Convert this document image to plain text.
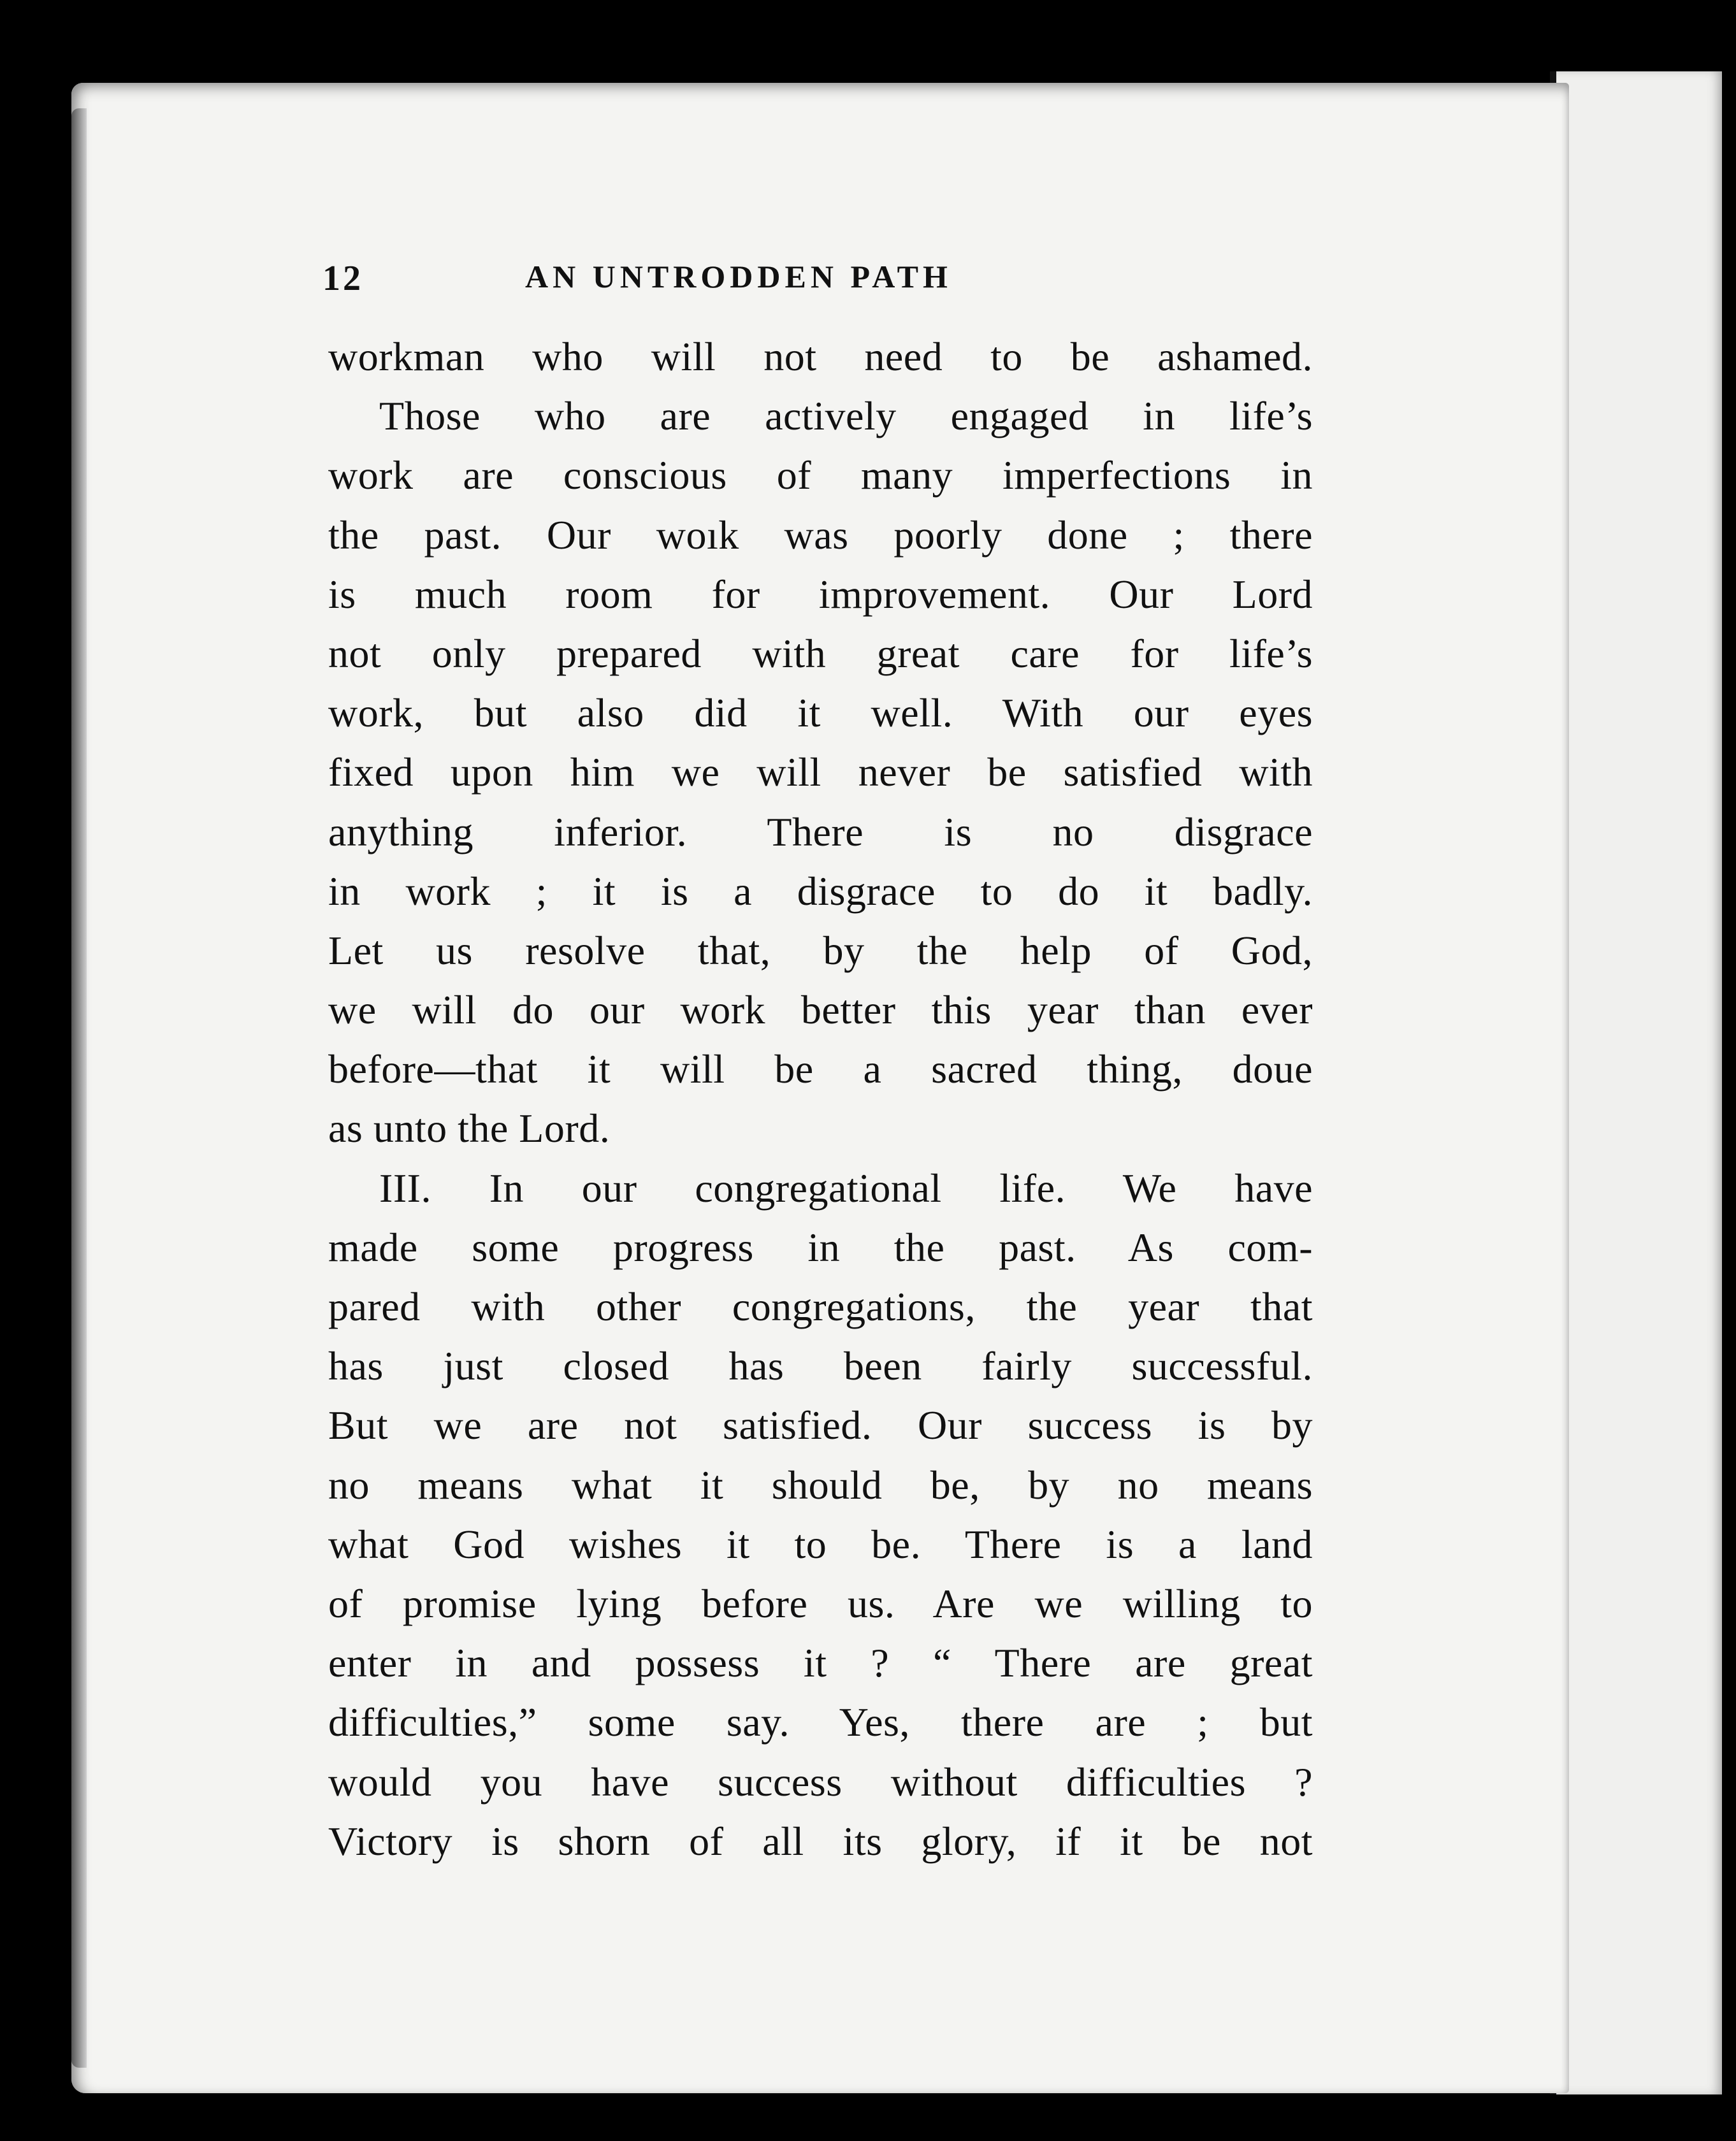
12	AN UNTRODDEN PATH
workman who will not need to be ashamed.
Those who are actively engaged in life’s
work are conscious of many imperfections in
the past. Our woık was poorly done ; there
is much room for improvement. Our Lord
not only prepared with great care for life’s
work, but also did it well. With our eyes
fixed upon him we will never be satisfied with
anything inferior. There is no disgrace
in work ; it is a disgrace to do it badly.
Let us resolve that, by the help of God,
we will do our work better this year than ever
before—that it will be a sacred thing, doue
as unto the Lord.
III. In our congregational life. We have
made some progress in the past. As com-
pared with other congregations, the year that
has just closed has been fairly successful.
But we are not satisfied. Our success is by
no means what it should be, by no means
what God wishes it to be. There is a land
of promise lying before us. Are we willing to
enter in and possess it ? “ There are great
difficulties,” some say. Yes, there are ; but
would you have success without difficulties ?
Victory is shorn of all its glory, if it be not
